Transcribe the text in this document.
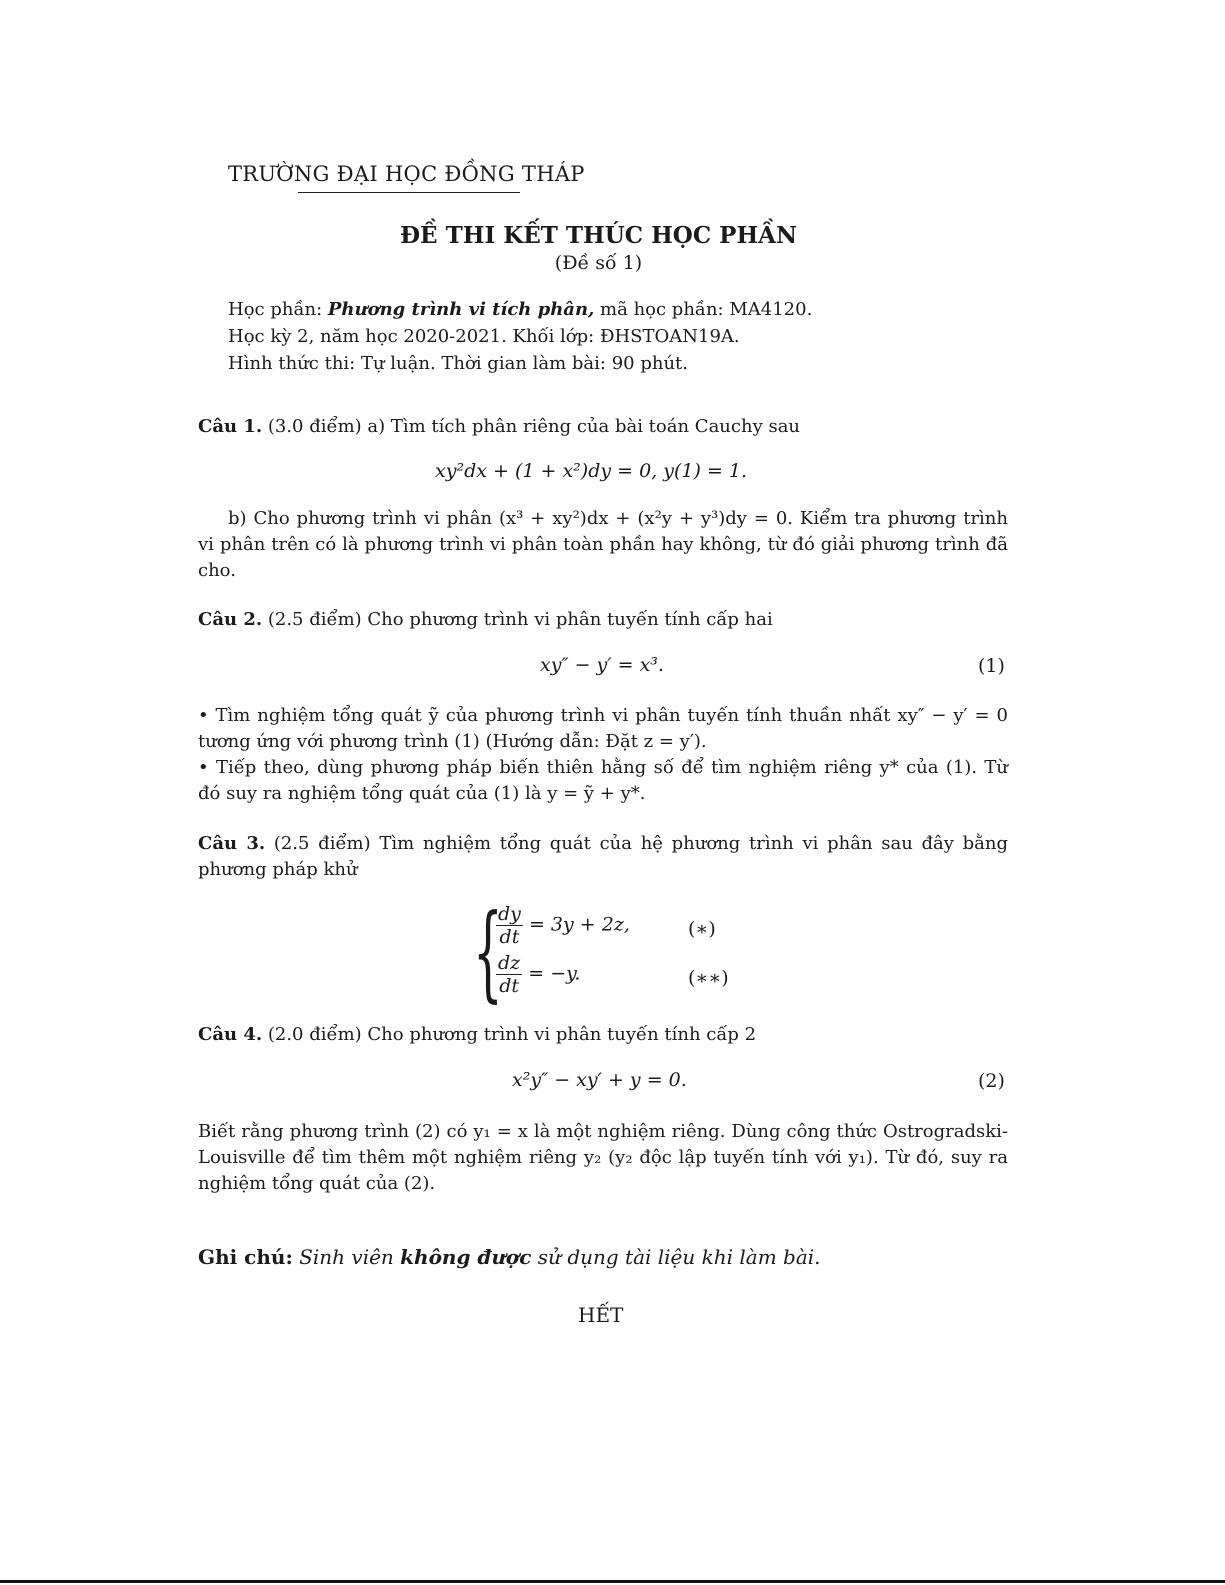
TRƯỜNG ĐẠI HỌC ĐỒNG THÁP
ĐỀ THI KẾT THÚC HỌC PHẦN
(Đề số 1)
Học phần: Phương trình vi tích phân, mã học phần: MA4120.
Học kỳ 2, năm học 2020-2021. Khối lớp: ĐHSTOAN19A.
Hình thức thi: Tự luận. Thời gian làm bài: 90 phút.
Câu 1. (3.0 điểm) a) Tìm tích phân riêng của bài toán Cauchy sau
xy²dx + (1 + x²)dy = 0, y(1) = 1.
b) Cho phương trình vi phân (x³ + xy²)dx + (x²y + y³)dy = 0. Kiểm tra phương trình vi phân trên có là phương trình vi phân toàn phần hay không, từ đó giải phương trình đã cho.
Câu 2. (2.5 điểm) Cho phương trình vi phân tuyến tính cấp hai
xy″ − y′ = x³.	(1)
• Tìm nghiệm tổng quát ỹ của phương trình vi phân tuyến tính thuần nhất xy″ − y′ = 0 tương ứng với phương trình (1) (Hướng dẫn: Đặt z = y′).
• Tiếp theo, dùng phương pháp biến thiên hằng số để tìm nghiệm riêng y* của (1). Từ đó suy ra nghiệm tổng quát của (1) là y = ỹ + y*.
Câu 3. (2.5 điểm) Tìm nghiệm tổng quát của hệ phương trình vi phân sau đây bằng phương pháp khử
{
$\frac{dy}{dt} = 3y + 2z$,	(∗)
$\frac{dz}{dt} = -y$.	(∗∗)
Câu 4. (2.0 điểm) Cho phương trình vi phân tuyến tính cấp 2
x²y″ − xy′ + y = 0.	(2)
Biết rằng phương trình (2) có y₁ = x là một nghiệm riêng. Dùng công thức Ostrogradski-Louisville để tìm thêm một nghiệm riêng y₂ (y₂ độc lập tuyến tính với y₁). Từ đó, suy ra nghiệm tổng quát của (2).
Ghi chú: Sinh viên không được sử dụng tài liệu khi làm bài.
HẾT
